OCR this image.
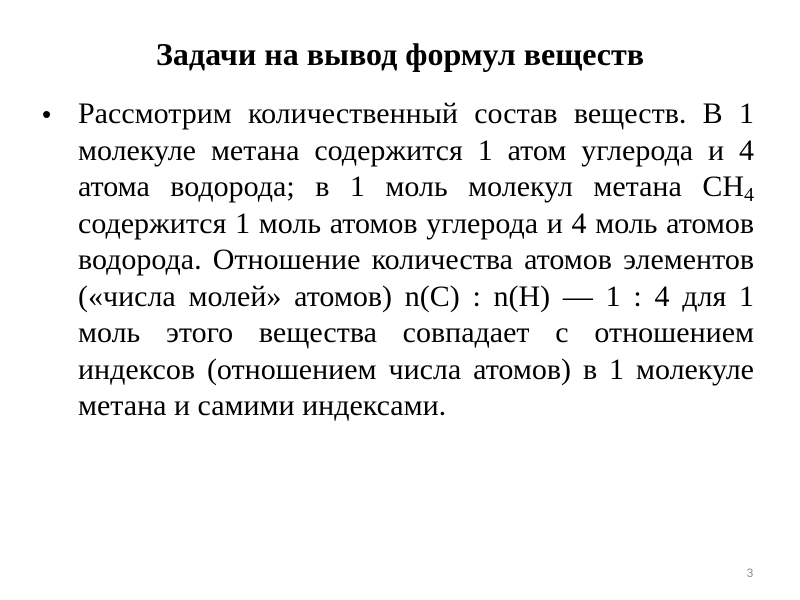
Задачи на вывод формул веществ
• Рассмотрим количественный состав веществ. В 1 молекуле метана содержится 1 атом углерода и 4 атома водорода; в 1 моль молекул метана $CH_4$ содержится 1 моль атомов углерода и 4 моль атомов водорода. Отношение количества атомов элементов («числа молей» атомов) n(C) : n(H) — 1 : 4 для 1 моль этого вещества совпадает с отношением индексов (отношением числа атомов) в 1 молекуле метана и самими индексами.

3
